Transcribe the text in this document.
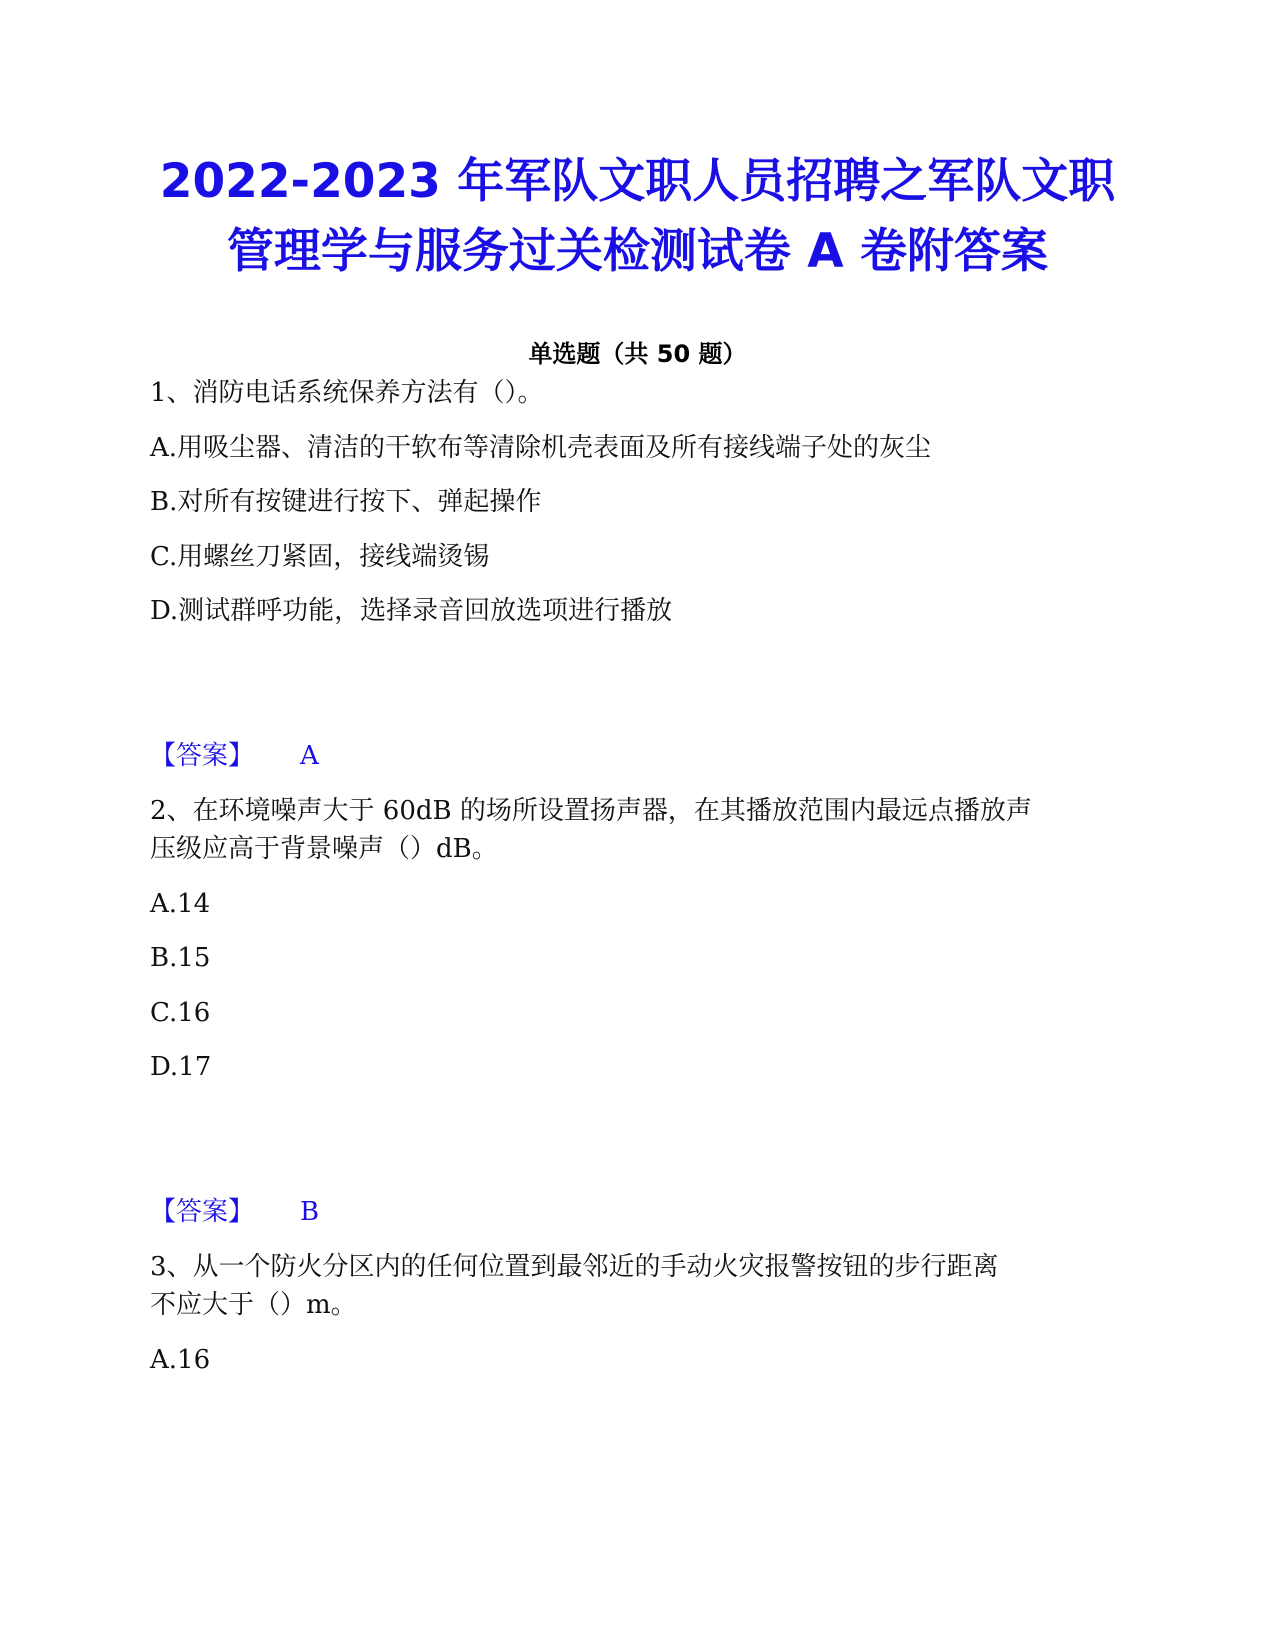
2022-2023 年军队文职人员招聘之军队文职
管理学与服务过关检测试卷 A 卷附答案
单选题（共 50 题）
1、消防电话系统保养方法有（）。
A.用吸尘器、清洁的干软布等清除机壳表面及所有接线端子处的灰尘
B.对所有按键进行按下、弹起操作
C.用螺丝刀紧固，接线端烫锡
D.测试群呼功能，选择录音回放选项进行播放
【答案】 A
2、在环境噪声大于 60dB 的场所设置扬声器，在其播放范围内最远点播放声
压级应高于背景噪声（）dB。
A.14
B.15
C.16
D.17
【答案】 B
3、从一个防火分区内的任何位置到最邻近的手动火灾报警按钮的步行距离
不应大于（）m。
A.16
